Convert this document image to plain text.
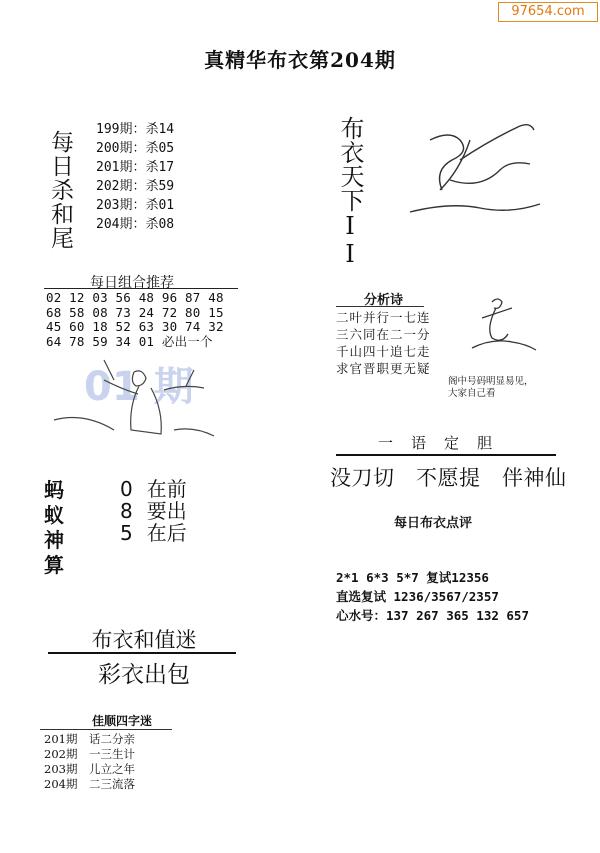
97654.com
真精华布衣第204期
每日杀和尾
199期：杀14
200期：杀05
201期：杀17
202期：杀59
203期：杀01
204期：杀08
每日组合推荐
02 12 03 56 48 96 87 48
68 58 08 73 24 72 80 15
45 60 18 52 63 30 74 32
64 78 59 34 01 必出一个
01 期
蚂
蚁
神
算
0 在前
8 要出
5 在后
布衣和值迷
彩衣出包
佳顺四字迷
201期　话二分亲
202期　一三生计
203期　儿立之年
204期　二三流落
布衣天下II
分析诗
二叶并行一七连
三六同在二一分
千山四十追七走
求官晋职更无疑
阁中号码明显易见，
大家自己看
一语定胆
没刀切　不愿提　伴神仙
每日布衣点评
2*1 6*3 5*7 复试12356
直选复试 1236/3567/2357
心水号：137 267 365 132 657
